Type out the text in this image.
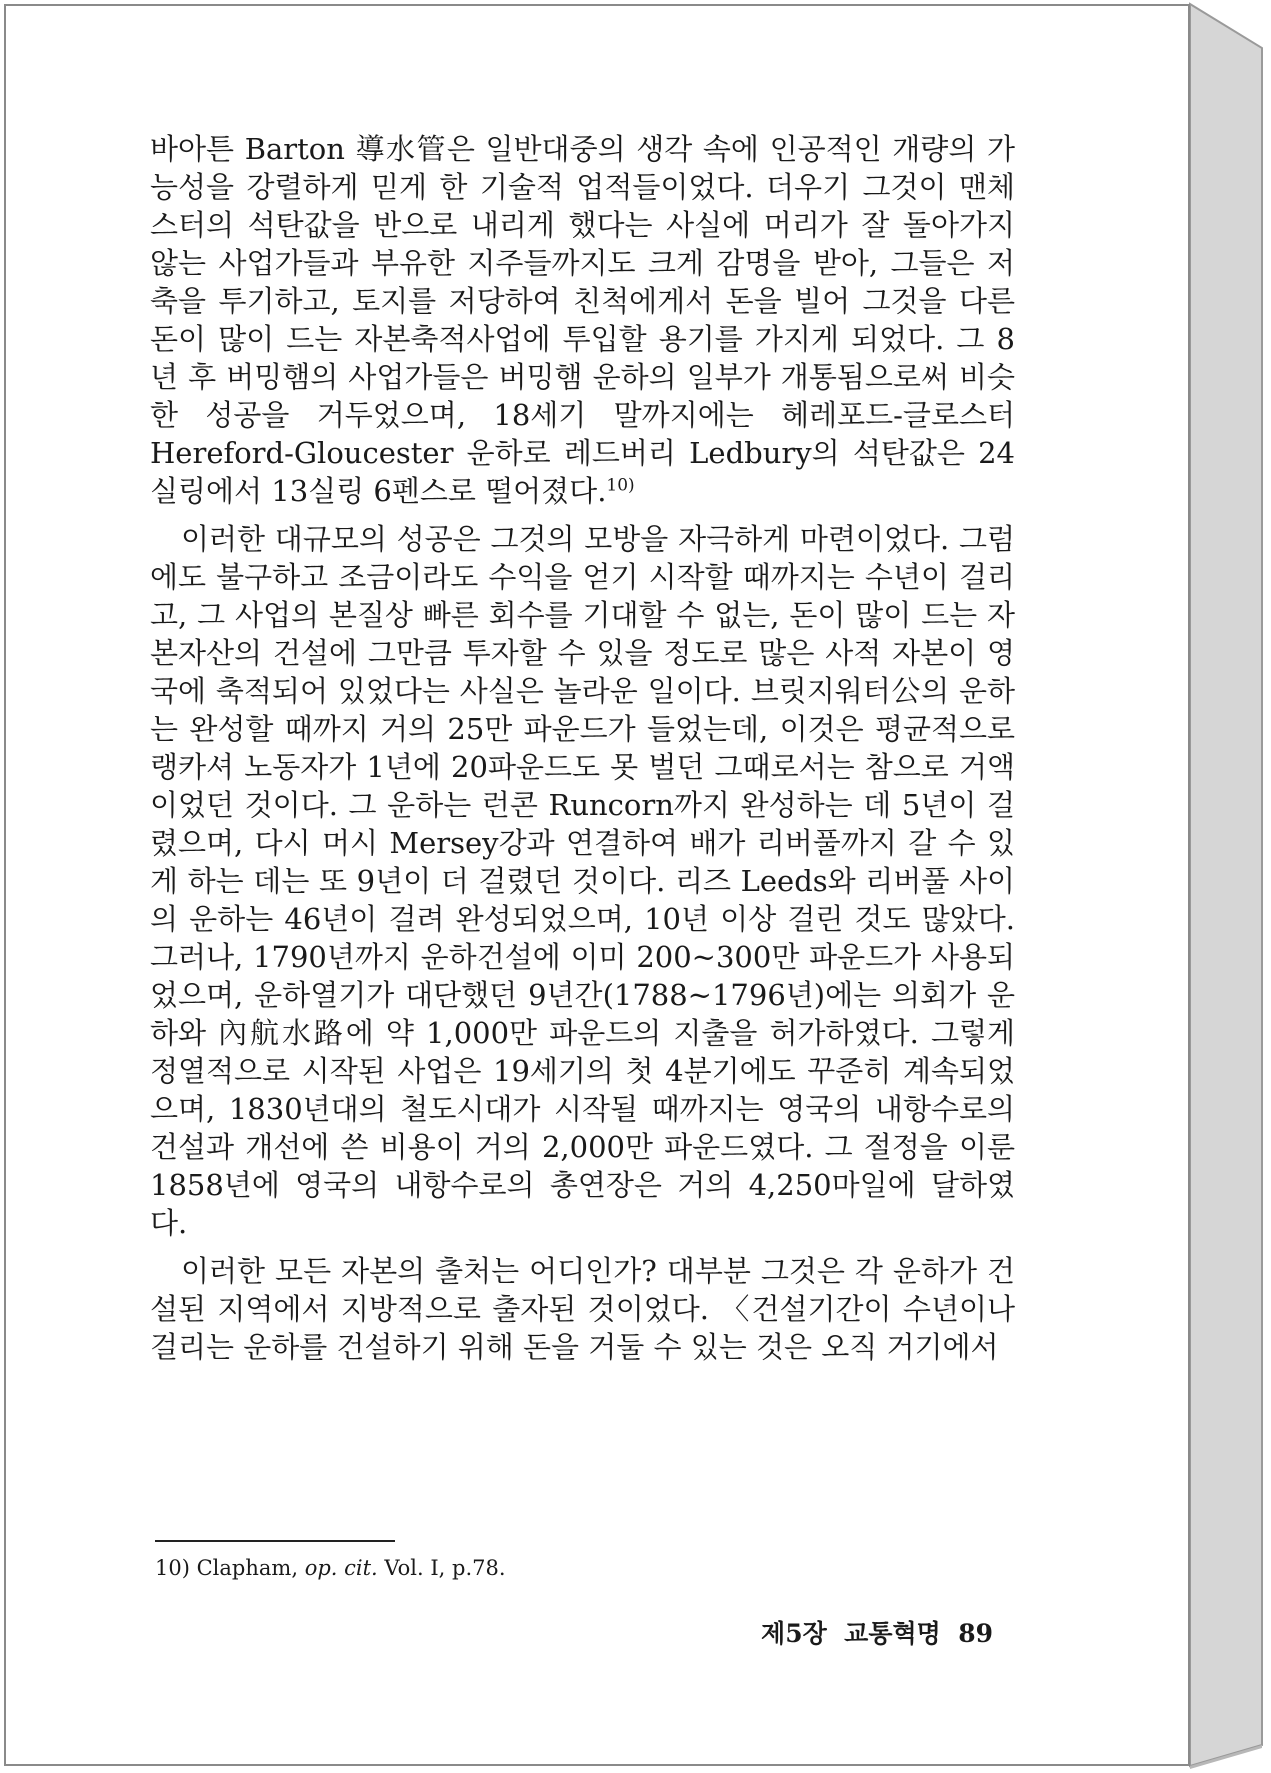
바아튼 Barton 導水管은 일반대중의 생각 속에 인공적인 개량의 가능성을 강렬하게 믿게 한 기술적 업적들이었다. 더우기 그것이 맨체스터의 석탄값을 반으로 내리게 했다는 사실에 머리가 잘 돌아가지 않는 사업가들과 부유한 지주들까지도 크게 감명을 받아, 그들은 저축을 투기하고, 토지를 저당하여 친척에게서 돈을 빌어 그것을 다른 돈이 많이 드는 자본축적사업에 투입할 용기를 가지게 되었다. 그 8년 후 버밍햄의 사업가들은 버밍햄 운하의 일부가 개통됨으로써 비슷한 성공을 거두었으며, 18세기 말까지에는 헤레포드-글로스터 Hereford-Gloucester 운하로 레드버리 Ledbury의 석탄값은 24실링에서 13실링 6펜스로 떨어졌다.$^{10)}$

이러한 대규모의 성공은 그것의 모방을 자극하게 마련이었다. 그럼에도 불구하고 조금이라도 수익을 얻기 시작할 때까지는 수년이 걸리고, 그 사업의 본질상 빠른 회수를 기대할 수 없는, 돈이 많이 드는 자본자산의 건설에 그만큼 투자할 수 있을 정도로 많은 사적 자본이 영국에 축적되어 있었다는 사실은 놀라운 일이다. 브릿지워터公의 운하는 완성할 때까지 거의 25만 파운드가 들었는데, 이것은 평균적으로 랭카셔 노동자가 1년에 20파운드도 못 벌던 그때로서는 참으로 거액이었던 것이다. 그 운하는 런콘 Runcorn까지 완성하는 데 5년이 걸렸으며, 다시 머시 Mersey강과 연결하여 배가 리버풀까지 갈 수 있게 하는 데는 또 9년이 더 걸렸던 것이다. 리즈 Leeds와 리버풀 사이의 운하는 46년이 걸려 완성되었으며, 10년 이상 걸린 것도 많았다. 그러나, 1790년까지 운하건설에 이미 200~300만 파운드가 사용되었으며, 운하열기가 대단했던 9년간(1788~1796년)에는 의회가 운하와 內航水路에 약 1,000만 파운드의 지출을 허가하였다. 그렇게 정열적으로 시작된 사업은 19세기의 첫 4분기에도 꾸준히 계속되었으며, 1830년대의 철도시대가 시작될 때까지는 영국의 내항수로의 건설과 개선에 쓴 비용이 거의 2,000만 파운드였다. 그 절정을 이룬 1858년에 영국의 내항수로의 총연장은 거의 4,250마일에 달하였다.

이러한 모든 자본의 출처는 어디인가? 대부분 그것은 각 운하가 건설된 지역에서 지방적으로 출자된 것이었다. 〈건설기간이 수년이나 걸리는 운하를 건설하기 위해 돈을 거둘 수 있는 것은 오직 거기에서

10) Clapham, op. cit. Vol. I, p.78.
제5장 교통혁명 89
